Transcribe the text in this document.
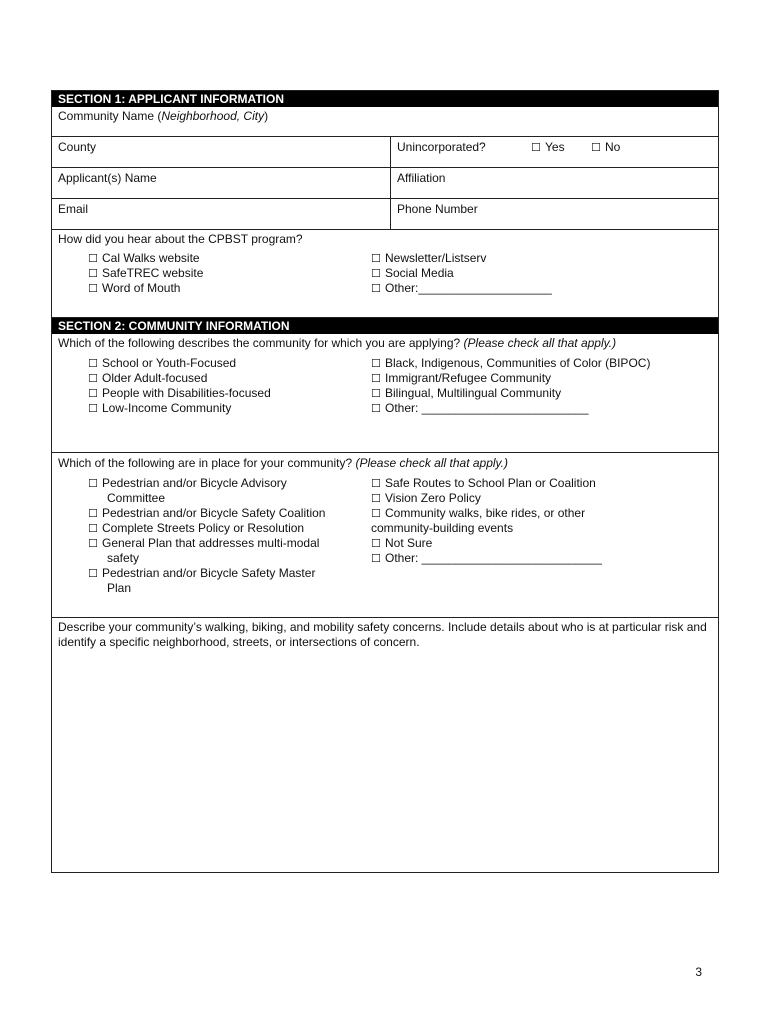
SECTION 1: APPLICANT INFORMATION
Community Name (Neighborhood, City)
County	Unincorporated?	☐ Yes ☐ No
Applicant(s) Name	Affiliation
Email	Phone Number
How did you hear about the CPBST program?
☐ Cal Walks website
☐ SafeTREC website
☐ Word of Mouth
☐ Newsletter/Listserv
☐ Social Media
☐ Other:____________________
SECTION 2: COMMUNITY INFORMATION
Which of the following describes the community for which you are applying? (Please check all that apply.)
☐ School or Youth-Focused
☐ Older Adult-focused
☐ People with Disabilities-focused
☐ Low-Income Community
☐ Black, Indigenous, Communities of Color (BIPOC)
☐ Immigrant/Refugee Community
☐ Bilingual, Multilingual Community
☐ Other: _________________________
Which of the following are in place for your community? (Please check all that apply.)
☐ Pedestrian and/or Bicycle Advisory
Committee
☐ Pedestrian and/or Bicycle Safety Coalition
☐ Complete Streets Policy or Resolution
☐ General Plan that addresses multi-modal
safety
☐ Pedestrian and/or Bicycle Safety Master
Plan
☐ Safe Routes to School Plan or Coalition
☐ Vision Zero Policy
☐ Community walks, bike rides, or other
community-building events
☐ Not Sure
☐ Other: ___________________________
Describe your community’s walking, biking, and mobility safety concerns. Include details about who is at particular risk and identify a specific neighborhood, streets, or intersections of concern.
3
